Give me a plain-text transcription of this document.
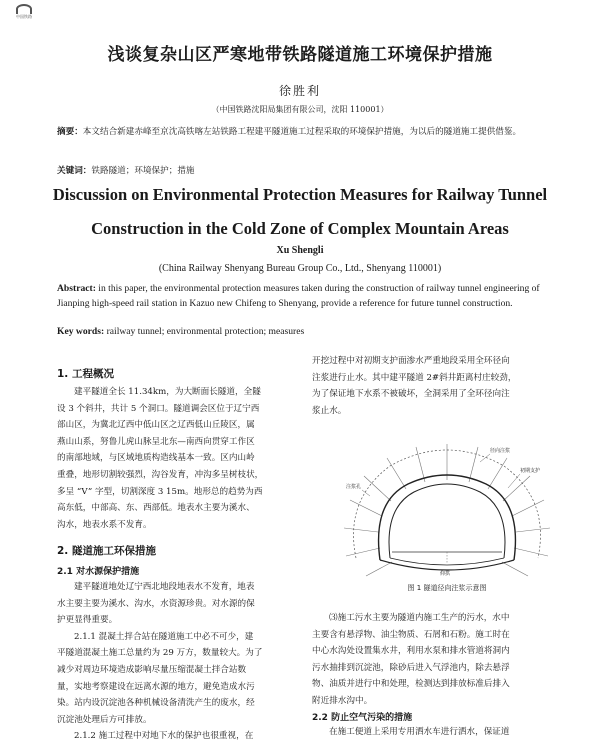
中国铁路
浅谈复杂山区严寒地带铁路隧道施工环境保护措施
徐胜利
（中国铁路沈阳局集团有限公司，沈阳 110001）
摘要：本文结合新建赤峰至京沈高铁喀左站铁路工程建平隧道施工过程采取的环境保护措施，为以后的隧道施工提供借鉴。
关键词：铁路隧道；环境保护；措施
Discussion on Environmental Protection Measures for Railway Tunnel
Construction in the Cold Zone of Complex Mountain Areas
Xu Shengli
(China Railway Shenyang Bureau Group Co., Ltd., Shenyang 110001)
Abstract: in this paper, the environmental protection measures taken during the construction of railway tunnel engineering of Jianping high-speed rail station in Kazuo new Chifeng to Shenyang, provide a reference for future tunnel construction.
Key words: railway tunnel; environmental protection; measures
1. 工程概况
建平隧道全长 11.34km，为大断面长隧道，全隧
设 3 个斜井，共计 5 个洞口。隧道调会区位于辽宁西
部山区，为冀北辽西中低山区之辽西低山丘陵区，属
燕山山系，努鲁儿虎山脉呈北东—南西向贯穿工作区
的南部地域，与区域地质构造线基本一致。区内山岭
重叠，地形切割较强烈，沟谷发育，冲沟多呈树枝状，
多呈 “V” 字型，切割深度 3 15m。地形总的趋势为西
高东低，中部高、东、西部低。地表水主要为溪水、
沟水，地表水系不发育。
2. 隧道施工环保措施
2.1 对水源保护措施
建平隧道地处辽宁西北地段地表水不发育，地表
水主要主要为溪水、沟水，水资源珍贵。对水源的保
护更显得重要。
2.1.1 混凝土拌合站在隧道施工中必不可少，建
平隧道混凝土施工总量约为 29 万方，数量较大。为了
减少对周边环境造成影响尽量压缩混凝土拌合站数
量，实地考察建设在远离水源的地方，避免造成水污
染。站内设沉淀池各种机械设备清洗产生的废水，经
沉淀池处理后方可排放。
2.1.2 施工过程中对地下水的保护也很重视，在
开挖过程中对初期支护面渗水严重地段采用全环径向
注浆进行止水。其中建平隧道 2#斜井距离村庄较劲，
为了保证地下水系不被破坏，全洞采用了全环径向注
浆止水。
径向注浆
初期支护
注浆孔
仰拱
图 1 隧道径向注浆示意图
⑶施工污水主要为隧道内施工生产的污水，水中
主要含有悬浮物、油尘物质、石屑和石粉。施工时在
中心水沟处设置集水井，利用水泵和排水管道将洞内
污水抽排到沉淀池，除砂后进入气浮池内，除去悬浮
物、油质并进行中和处理，检测达到排放标准后排入
附近排水沟中。
2.2 防止空气污染的措施
在施工便道上采用专用洒水车进行洒水，保证道
